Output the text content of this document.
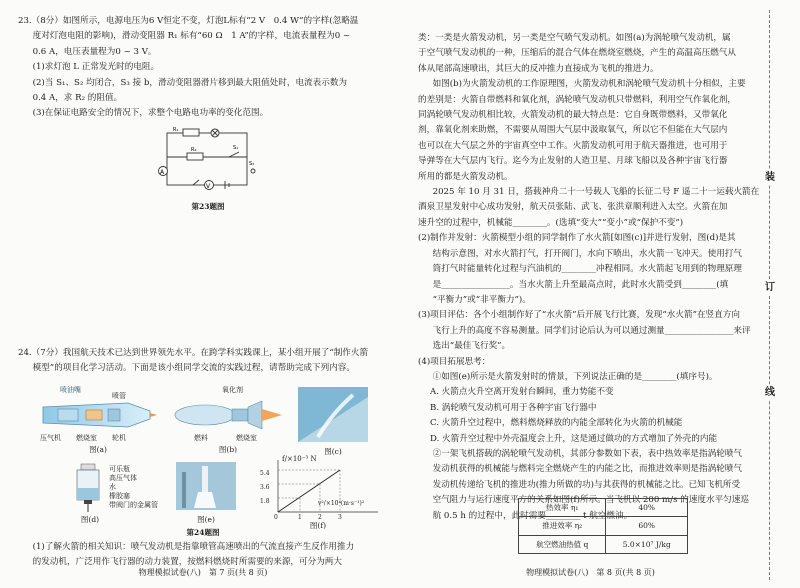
23.（8分）如图所示，电源电压为6 V恒定不变，灯泡L标有“2 V　0.4 W”的字样(忽略温

度对灯泡电阻的影响)，滑动变阻器 R₁ 标有“60 Ω　1 A”的字样，电流表量程为0 ~

0.6 A，电压表量程为0 ~ 3 V。

(1)求灯泡 L 正常发光时的电阻。

(2)当 S₁、S₂ 均闭合，S₃ 接 b，滑动变阻器滑片移到最大阻值处时，电流表示数为

0.4 A，求 R₂ 的阻值。

(3)在保证电路安全的情况下，求整个电路电功率的变化范围。

A
V
R₁
R₂	S₁
S₃
第23题图

24.（7分）我国航天技术已达到世界领先水平。在跨学科实践课上，某小组开展了“制作火箭

模型”的项目化学习活动。下面是该小组同学交流的实践过程，请帮助完成下列内容。

喷油嘴
喷管
压气机 燃烧室 轮机
图(a)
氧化剂
燃料	燃烧室
图(b)	图(c)
可乐瓶
高压气体
水
橡胶塞
带阀门的金属管
图(d)	图(e)
f/×10⁻³ N
v²/×10⁴(m·s⁻¹)²
5.4
3.6
1.8
0	1	2	3
图(f)
第24题图

(1)了解火箭的相关知识：喷气发动机是指靠喷管高速喷出的气流直接产生反作用推力

的发动机，广泛用作飞行器的动力装置，按燃料燃烧时所需要的来源，可分为两大

物理模拟试卷(八)　第 7 页(共 8 页)

类：一类是火箭发动机，另一类是空气喷气发动机。如图(a)为涡轮喷气发动机，属

于空气喷气发动机的一种，压缩后的混合气体在燃烧室燃烧，产生的高温高压燃气从

体从尾部高速喷出，其巨大的反冲推力直接成为飞机的推进力。

如图(b)为火箭发动机的工作原理图，火箭发动机和涡轮喷气发动机十分相似，主要

的差别是：火箭自带燃料和氧化剂，涡轮喷气发动机只带燃料，利用空气作氧化剂，

同涡轮喷气发动机相比较，火箭发动机的最大特点是：它自身既带燃料，又带氧化

剂，靠氧化剂来助燃，不需要从周围大气层中汲取氧气，所以它不但能在大气层内

也可以在大气层之外的宇宙真空中工作。火箭发动机可用于航天器推进，也可用于

导弹等在大气层内飞行。迄今为止发射的人造卫星、月球飞船以及各种宇宙飞行器

所用的都是火箭发动机。

2025 年 10 月 31 日，搭载神舟二十一号载人飞船的长征二号 F 遥二十一运载火箭在

酒泉卫星发射中心成功发射，航天员张陆、武飞、张洪章顺利进入太空。火箭在加

速升空的过程中，机械能________。(选填“变大”“变小”或“保护不变”)

(2)制作并发射：火箭模型小组的同学制作了水火箭[如图(c)]并进行发射，图(d)是其

结构示意图，对水火箭打气，打开阀门，水向下喷出，水火箭一飞冲天。使用打气

筒打气时能量转化过程与汽油机的________冲程相同。水火箭起飞用到的物理原理

是________________。当水火箭上升至最高点时，此时水火箭受到________(填

“平衡力”或“非平衡力”)。

(3)项目评估：各个小组制作好了“水火箭”后开展飞行比赛，发现“水火箭”在竖直方向

飞行上升的高度不容易测量。同学们讨论后认为可以通过测量________________来评

选出“最佳飞行奖”。

(4)项目拓展思考：

①如图(e)所示是火箭发射时的情景，下列说法正确的是________(填序号)。

A. 火箭点火升空离开发射台瞬间，重力势能不变

B. 涡轮喷气发动机可用于各种宇宙飞行器中

C. 火箭升空过程中，燃料燃烧释放的内能全部转化为火箭的机械能

D. 火箭升空过程中外壳温度会上升，这是通过做功的方式增加了外壳的内能

②一架飞机搭载的涡轮喷气发动机，其部分参数如下表，表中热效率是指涡轮喷气

发动机获得的机械能与燃料完全燃烧产生的内能之比，而推进效率则是指涡轮喷气

发动机传递给飞机的推进功(推力所做的功)与其获得的机械能之比。已知飞机所受

空气阻力与运行速度平方的关系如图(f)所示。当飞机以 200 m/s 的速度水平匀速巡

航 0.5 h 的过程中，此时需要________ t 航空燃油。

热效率 η₁	40%
推进效率 η₂	60%
航空燃油热值 q	5.0×10⁷ J/kg
物理模拟试卷(八)　第 8 页(共 8 页)
装
订
线
